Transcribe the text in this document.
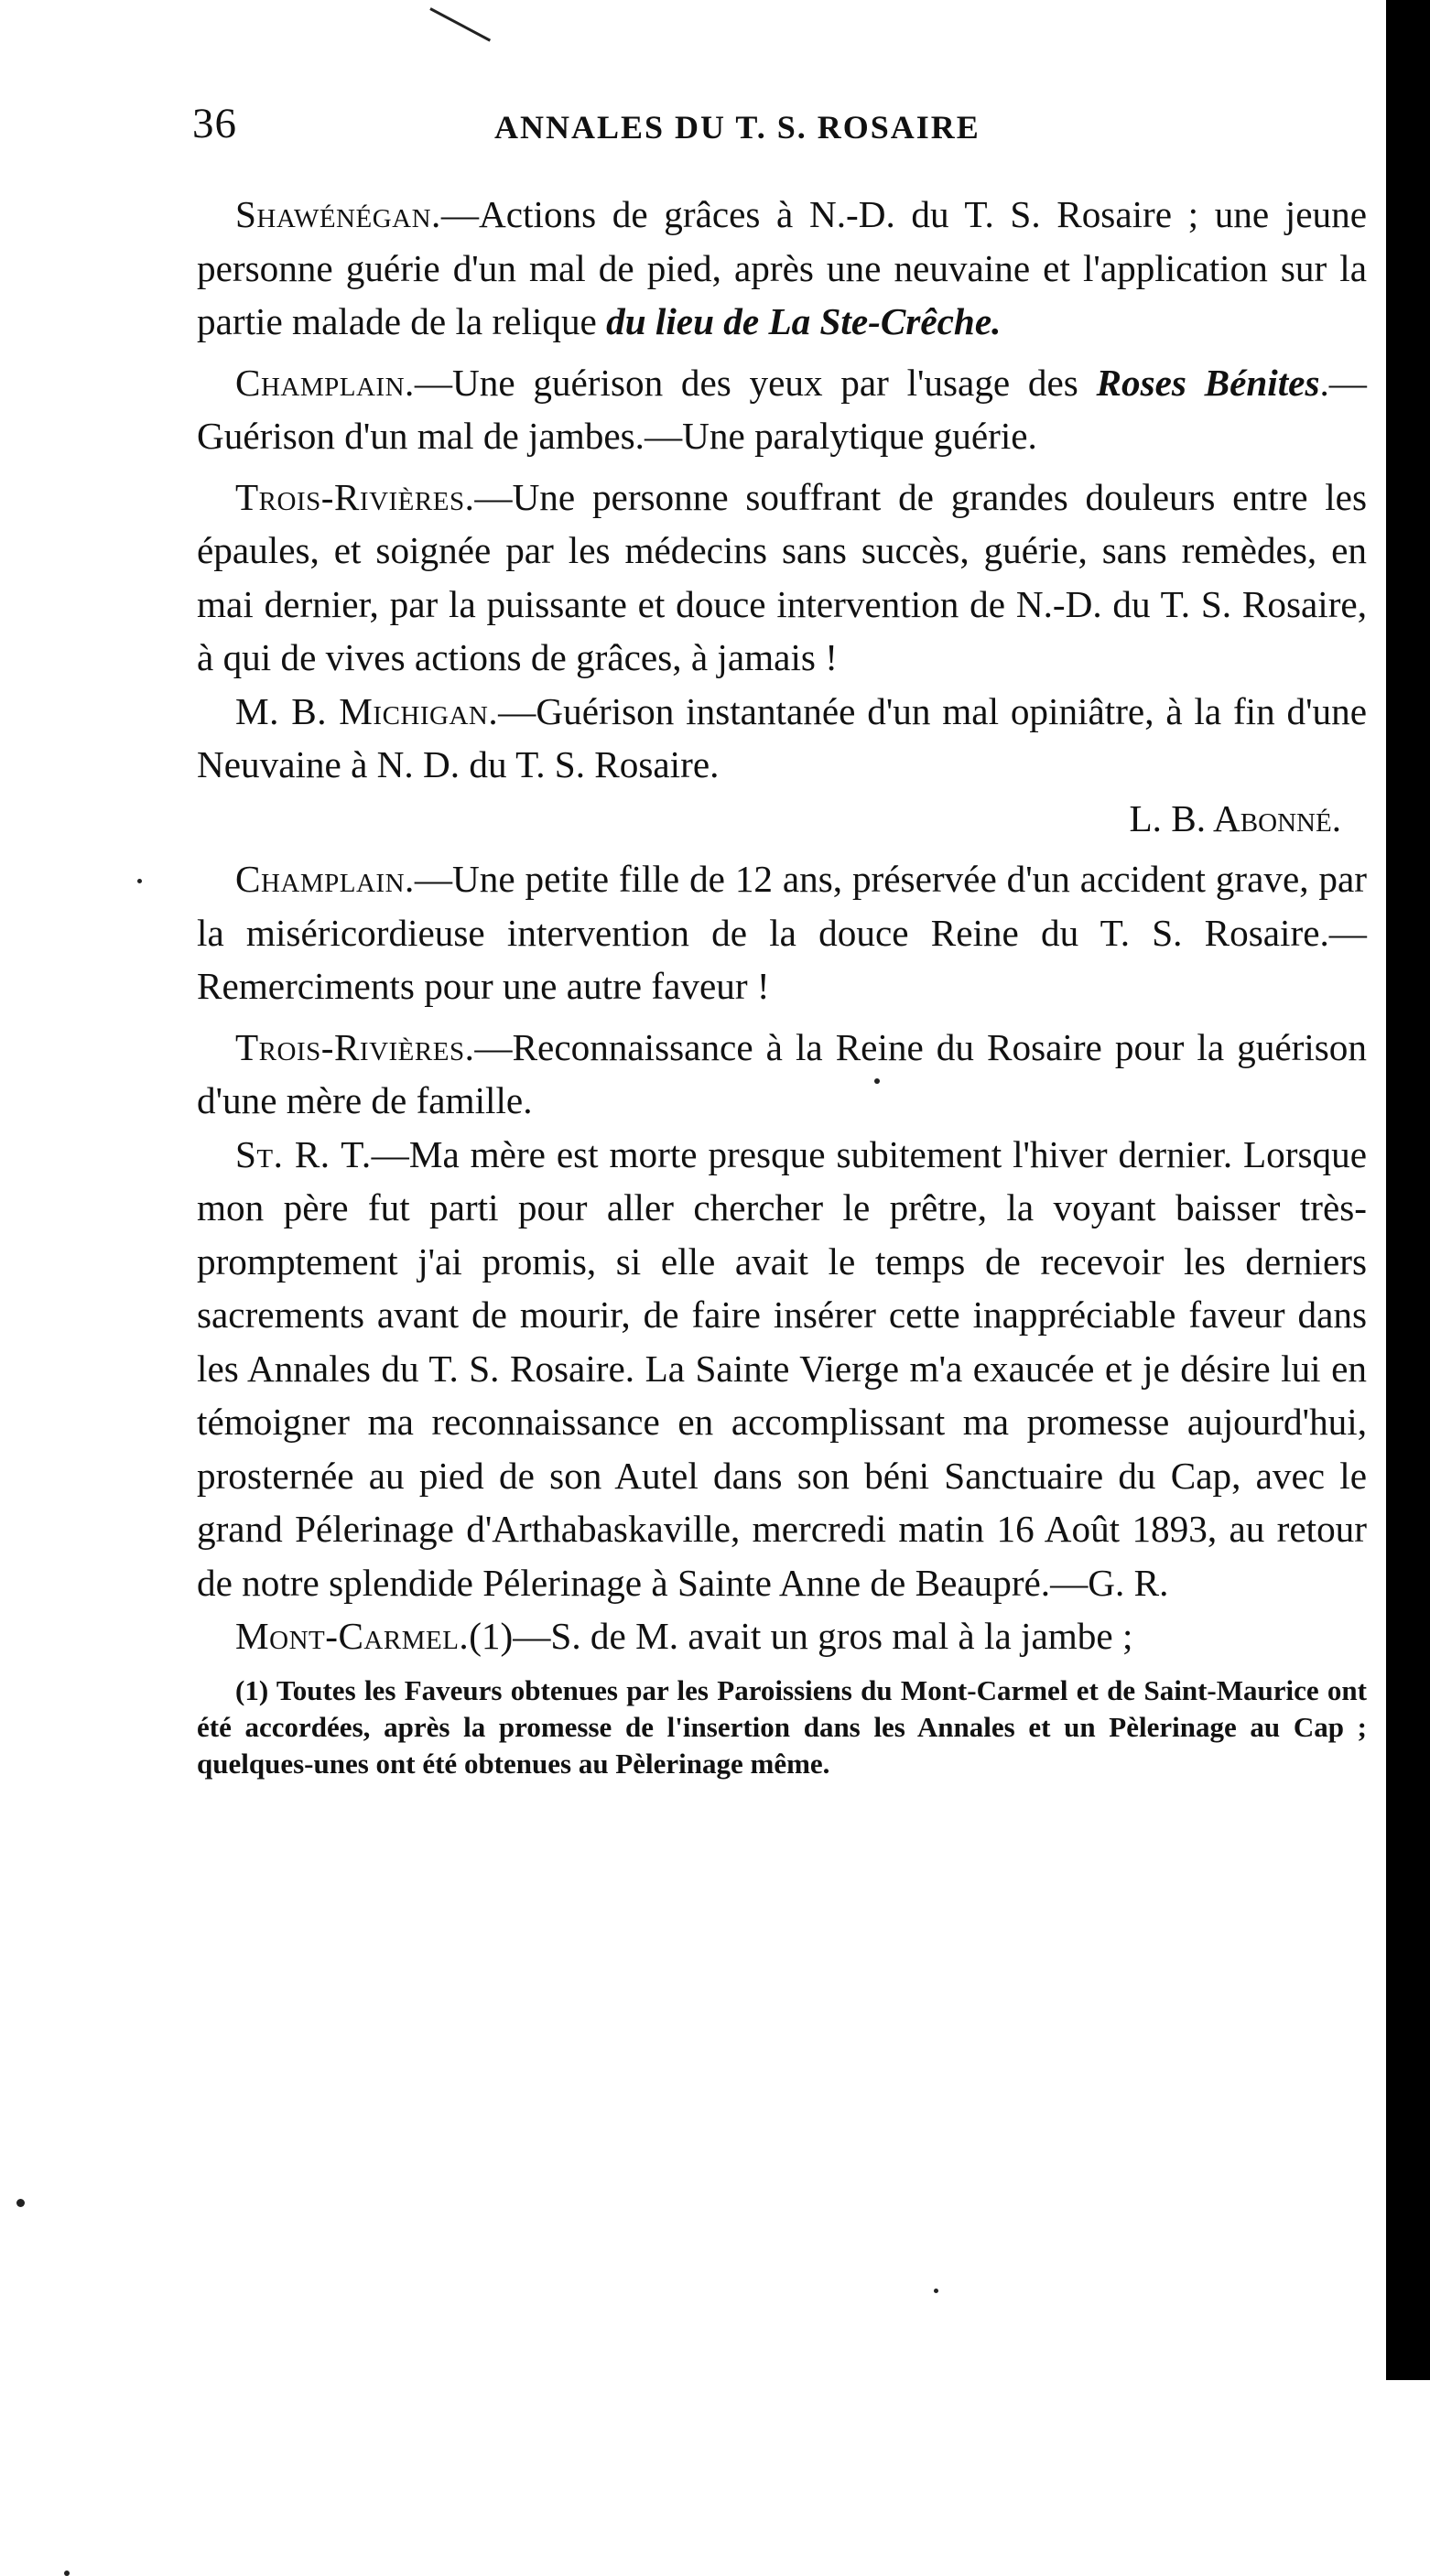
36	ANNALES DU T. S. ROSAIRE

Shawénégan.—Actions de grâces à N.-D. du T. S. Rosaire ; une jeune personne guérie d'un mal de pied, après une neuvaine et l'application sur la partie malade de la relique du lieu de La Ste-Crêche.

Champlain.—Une guérison des yeux par l'usage des Roses Bénites.—Guérison d'un mal de jambes.—Une paralytique guérie.

Trois-Rivières.—Une personne souffrant de grandes douleurs entre les épaules, et soignée par les médecins sans succès, guérie, sans remèdes, en mai dernier, par la puissante et douce intervention de N.-D. du T. S. Rosaire, à qui de vives actions de grâces, à jamais !

M. B. Michigan.—Guérison instantanée d'un mal opiniâtre, à la fin d'une Neuvaine à N. D. du T. S. Rosaire.

L. B. Abonné.

Champlain.—Une petite fille de 12 ans, préservée d'un accident grave, par la miséricordieuse intervention de la douce Reine du T. S. Rosaire.—Remerciments pour une autre faveur !

Trois-Rivières.—Reconnaissance à la Reine du Rosaire pour la guérison d'une mère de famille.

St. R. T.—Ma mère est morte presque subitement l'hiver dernier. Lorsque mon père fut parti pour aller chercher le prêtre, la voyant baisser très-promptement j'ai promis, si elle avait le temps de recevoir les derniers sacrements avant de mourir, de faire insérer cette inappréciable faveur dans les Annales du T. S. Rosaire. La Sainte Vierge m'a exaucée et je désire lui en témoigner ma reconnaissance en accomplissant ma promesse aujourd'hui, prosternée au pied de son Autel dans son béni Sanctuaire du Cap, avec le grand Pélerinage d'Arthabaskaville, mercredi matin 16 Août 1893, au retour de notre splendide Pélerinage à Sainte Anne de Beaupré.—G. R.

Mont-Carmel.(1)—S. de M. avait un gros mal à la jambe ;

(1) Toutes les Faveurs obtenues par les Paroissiens du Mont-Carmel et de Saint-Maurice ont été accordées, après la promesse de l'insertion dans les Annales et un Pèlerinage au Cap ; quelques-unes ont été obtenues au Pèlerinage même.
